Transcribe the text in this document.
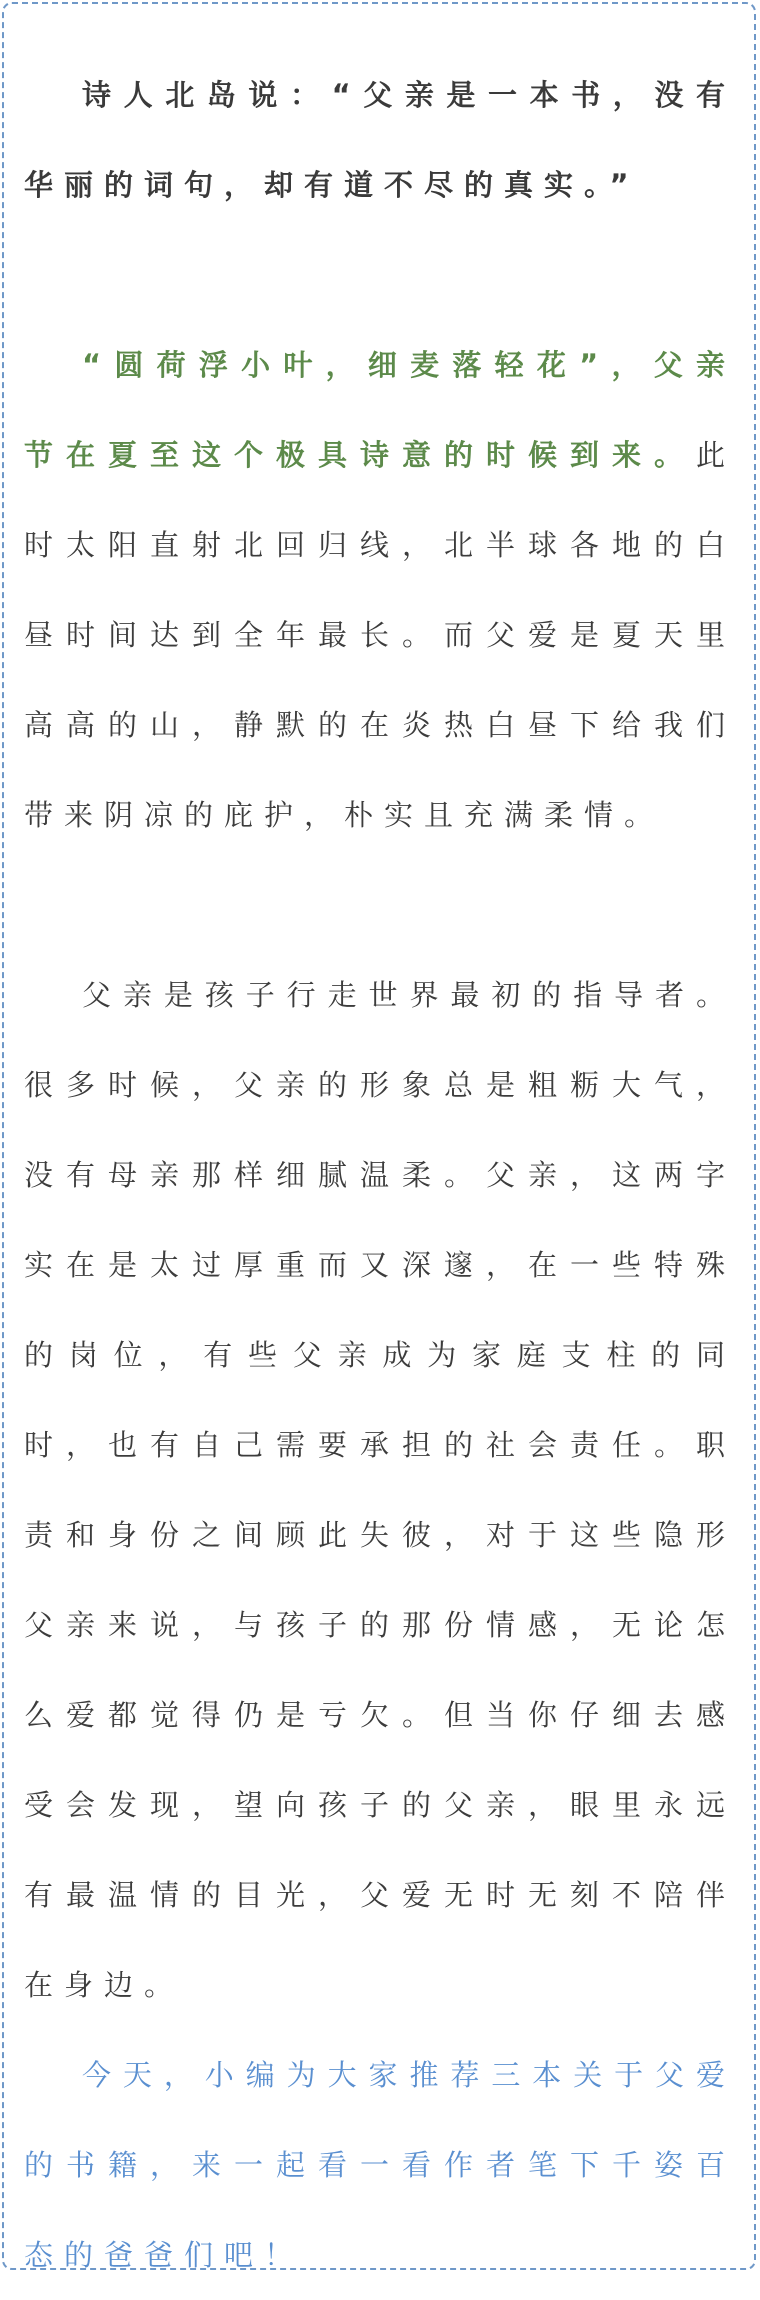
诗人北岛说：“父亲是一本书，没有华丽的词句，却有道不尽的真实。”

“圆荷浮小叶，细麦落轻花”，父亲节在夏至这个极具诗意的时候到来。此时太阳直射北回归线，北半球各地的白昼时间达到全年最长。而父爱是夏天里高高的山，静默的在炎热白昼下给我们带来阴凉的庇护，朴实且充满柔情。

父亲是孩子行走世界最初的指导者。很多时候，父亲的形象总是粗粝大气，没有母亲那样细腻温柔。父亲，这两字实在是太过厚重而又深邃，在一些特殊的岗位，有些父亲成为家庭支柱的同时，也有自己需要承担的社会责任。职责和身份之间顾此失彼，对于这些隐形父亲来说，与孩子的那份情感，无论怎么爱都觉得仍是亏欠。但当你仔细去感受会发现，望向孩子的父亲，眼里永远有最温情的目光，父爱无时无刻不陪伴在身边。

今天，小编为大家推荐三本关于父爱的书籍，来一起看一看作者笔下千姿百态的爸爸们吧！
